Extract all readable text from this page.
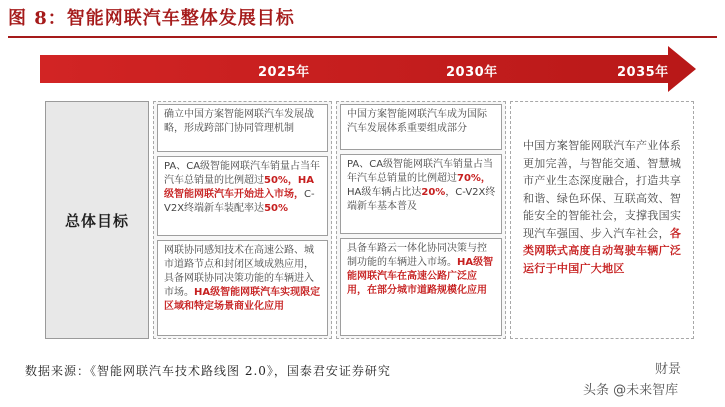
图 8：智能网联汽车整体发展目标
2025年	2030年	2035年
总体目标
确立中国方案智能网联汽车发展战略，形成跨部门协同管理机制
PA、CA级智能网联汽车销量占当年汽车总销量的比例超过50%，HA级智能网联汽车开始进入市场，C-V2X终端新车装配率达50%
网联协同感知技术在高速公路、城市道路节点和封闭区域成熟应用，具备网联协同决策功能的车辆进入市场。HA级智能网联汽车实现限定区域和特定场景商业化应用
中国方案智能网联汽车成为国际汽车发展体系重要组成部分
PA、CA级智能网联汽车销量占当年汽车总销量的比例超过70%，HA级车辆占比达20%，C-V2X终端新车基本普及
具备车路云一体化协同决策与控制功能的车辆进入市场。HA级智能网联汽车在高速公路广泛应用，在部分城市道路规模化应用
中国方案智能网联汽车产业体系更加完善，与智能交通、智慧城市产业生态深度融合，打造共享和谐、绿色环保、互联高效、智能安全的智能社会，支撑我国实现汽车强国、步入汽车社会，各类网联式高度自动驾驶车辆广泛运行于中国广大地区
数据来源：《智能网联汽车技术路线图 2.0》，国泰君安证券研究	财景
头条 @未来智库
